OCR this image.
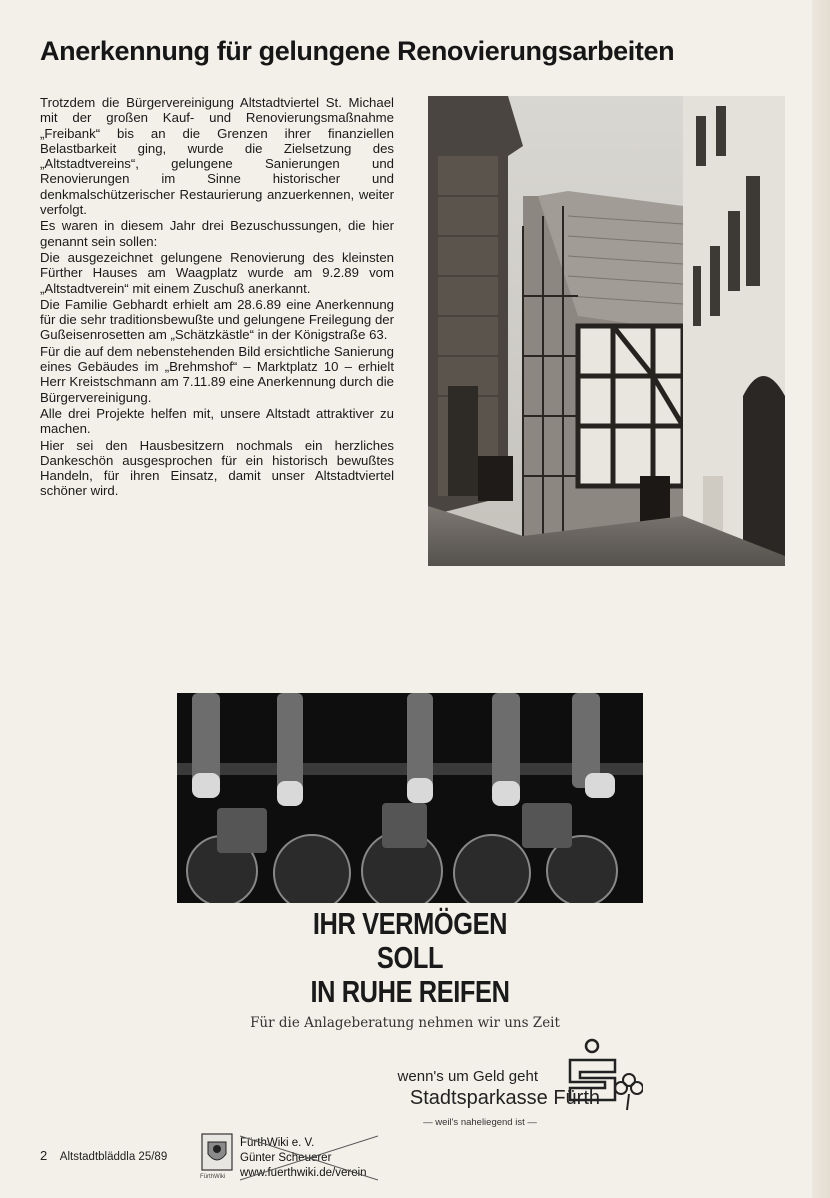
Anerkennung für gelungene Renovierungsarbeiten

Trotzdem die Bürgervereinigung Altstadtviertel St. Michael mit der großen Kauf- und Renovierungsmaßnahme „Freibank“ bis an die Grenzen ihrer finanziellen Belastbarkeit ging, wurde die Zielsetzung des „Altstadtvereins“, gelungene Sanierungen und Renovierungen im Sinne historischer und denkmalschützerischer Restaurierung anzuerkennen, weiter verfolgt.

Es waren in diesem Jahr drei Bezuschussungen, die hier genannt sein sollen:

Die ausgezeichnet gelungene Renovierung des kleinsten Fürther Hauses am Waagplatz wurde am 9.2.89 vom „Altstadtverein“ mit einem Zuschuß anerkannt.

Die Familie Gebhardt erhielt am 28.6.89 eine Anerkennung für die sehr traditionsbewußte und gelungene Freilegung der Gußeisenrosetten am „Schätzkästle“ in der Königstraße 63.

Für die auf dem nebenstehenden Bild ersichtliche Sanierung eines Gebäudes im „Brehmshof“ – Marktplatz 10 – erhielt Herr Kreistschmann am 7.11.89 eine Anerkennung durch die Bürgervereinigung.

Alle drei Projekte helfen mit, unsere Altstadt attraktiver zu machen.

Hier sei den Hausbesitzern nochmals ein herzliches Dankeschön ausgesprochen für ein historisch bewußtes Handeln, für ihren Einsatz, damit unser Altstadtviertel schöner wird.

IHR VERMÖGEN
SOLL
IN RUHE REIFEN
Für die Anlageberatung nehmen wir uns Zeit
wenn's um Geld geht
Stadtsparkasse Fürth
— weil's naheliegend ist —
2 Altstadtbläddla 25/89
FürthWiki
FürthWiki e. V.
Günter Scheuerer
www.fuerthwiki.de/verein
